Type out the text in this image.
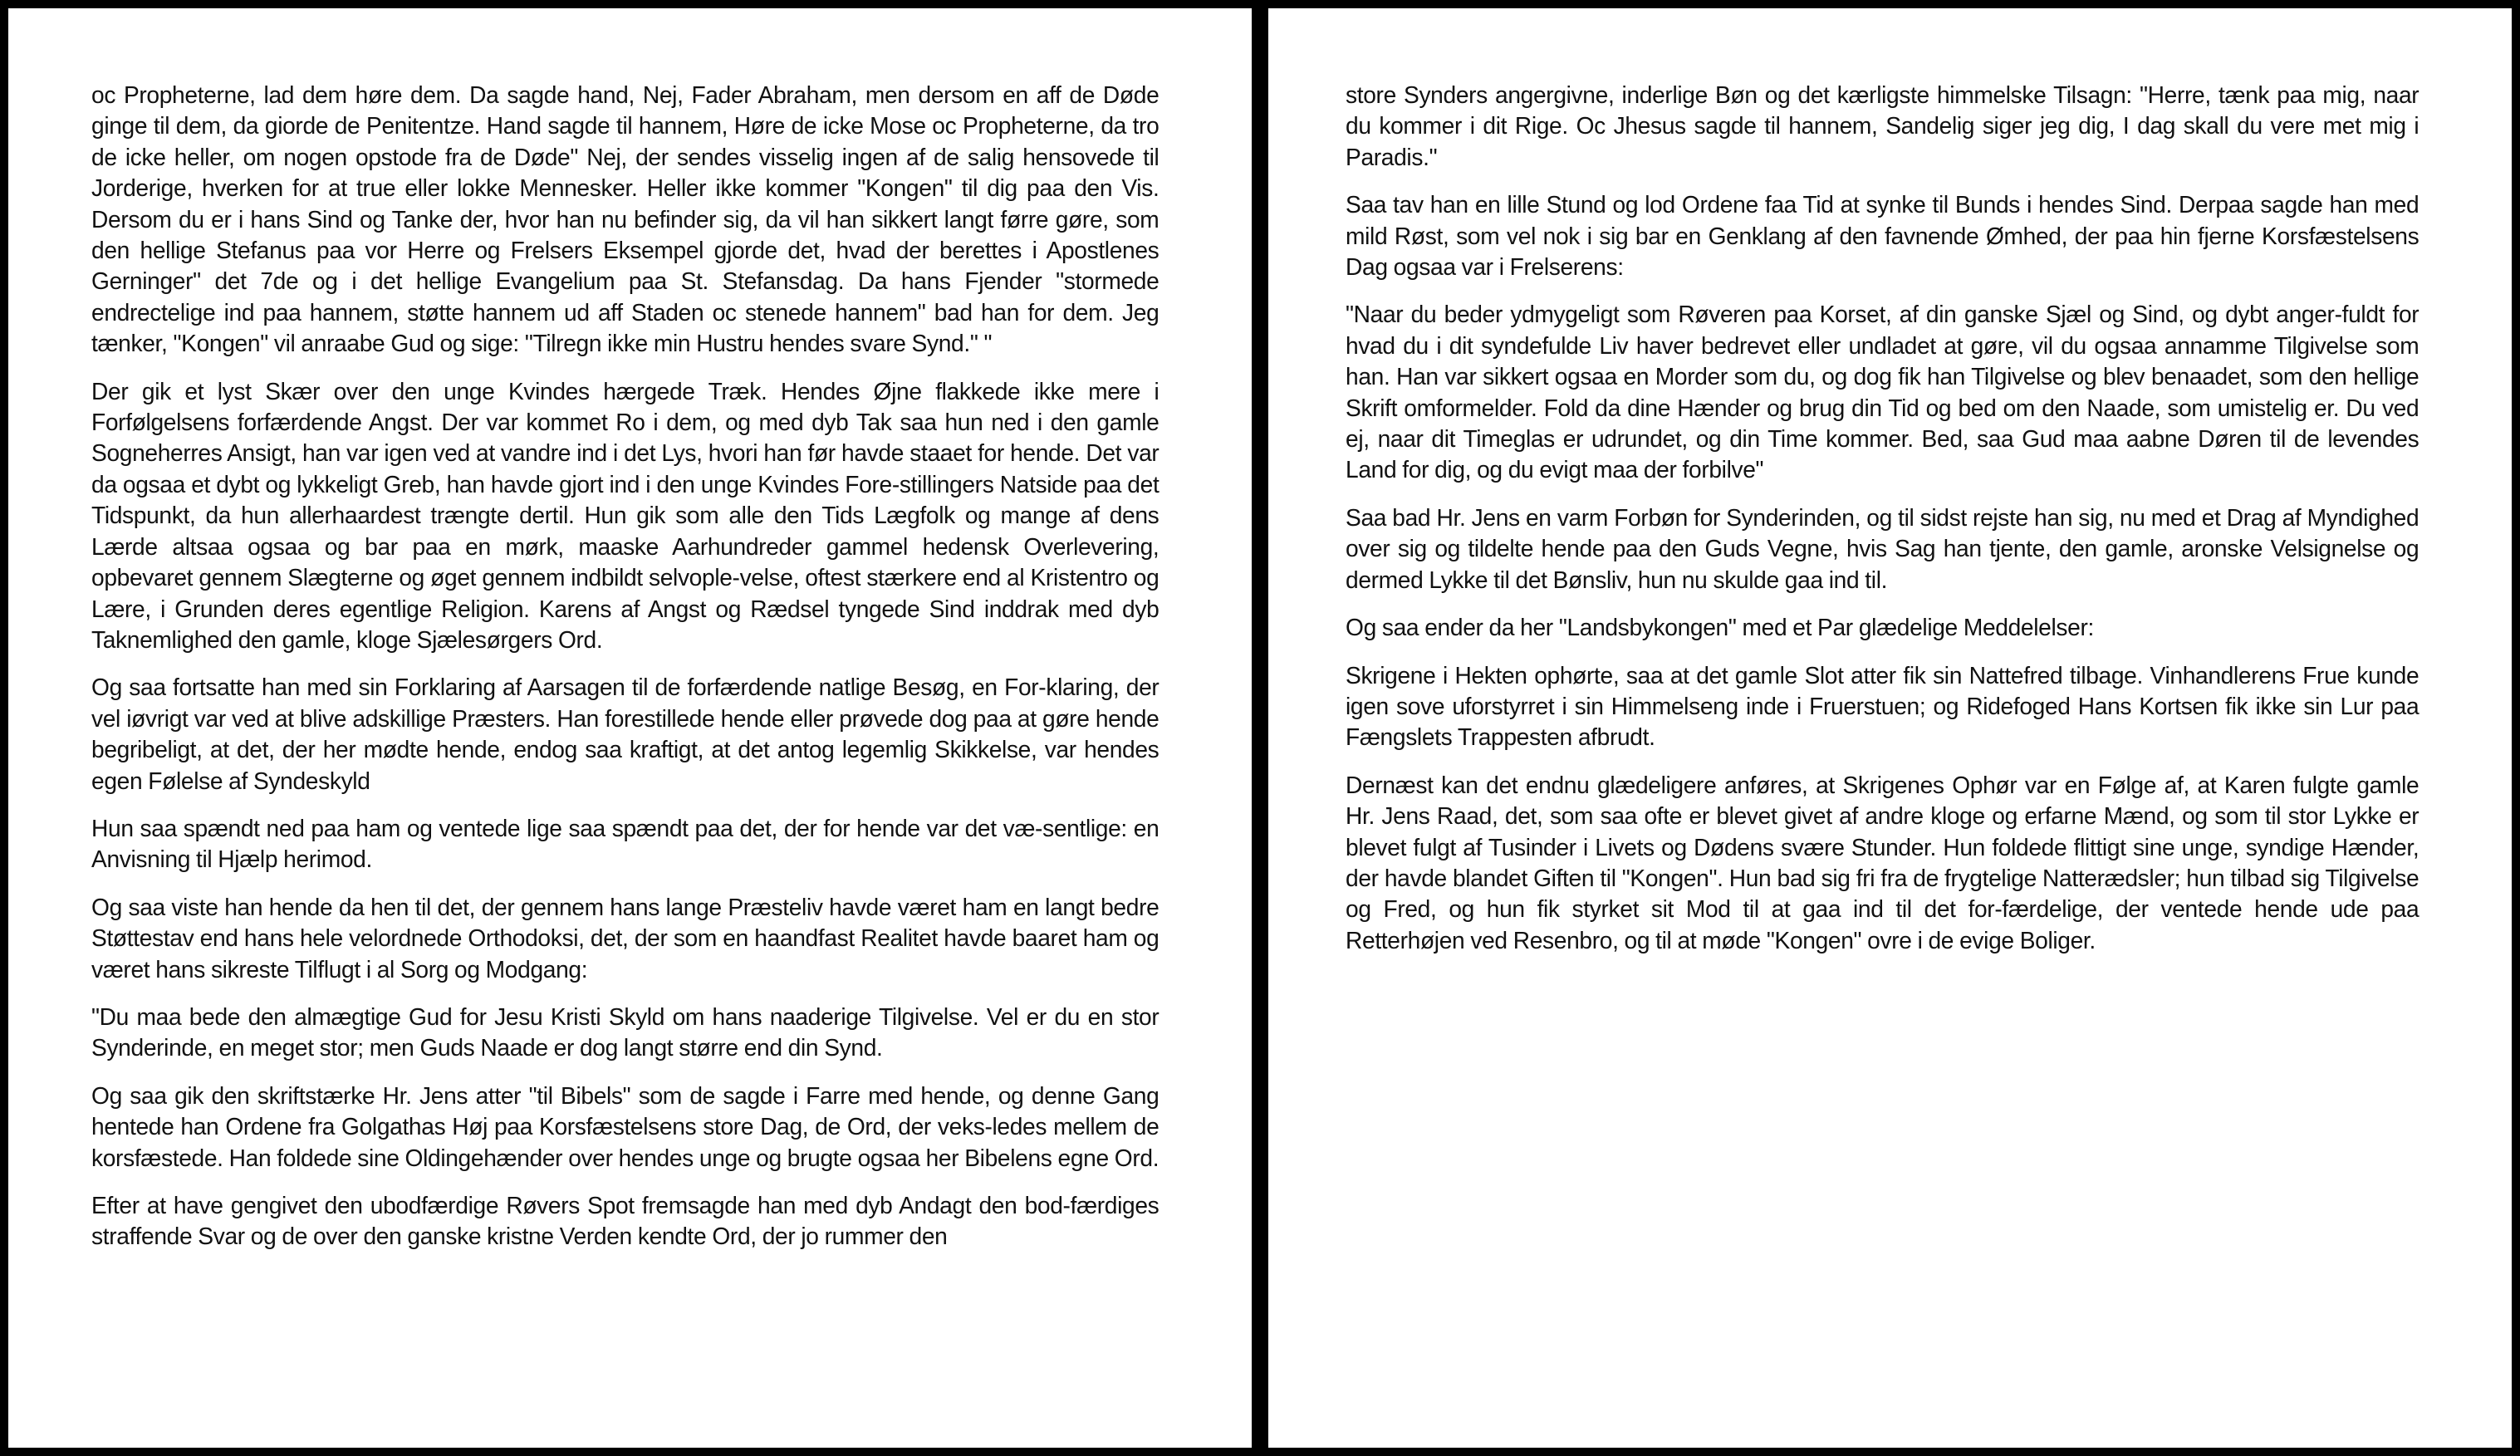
oc Propheterne, lad dem høre dem. Da sagde hand, Nej, Fader Abraham, men dersom en aff de Døde ginge til dem, da giorde de Penitentze. Hand sagde til hannem, Høre de icke Mose oc Propheterne, da tro de icke heller, om nogen opstode fra de Døde" Nej, der sendes visselig ingen af de salig hensovede til Jorderige, hverken for at true eller lokke Mennesker. Heller ikke kommer "Kongen" til dig paa den Vis. Dersom du er i hans Sind og Tanke der, hvor han nu befinder sig, da vil han sikkert langt førre gøre, som den hellige Stefanus paa vor Herre og Frelsers Eksempel gjorde det, hvad der berettes i Apostlenes Gerninger" det 7de og i det hellige Evangelium paa St. Stefansdag. Da hans Fjender "stormede endrectelige ind paa hannem, støtte hannem ud aff Staden oc stenede hannem" bad han for dem. Jeg tænker, "Kongen" vil anraabe Gud og sige: "Tilregn ikke min Hustru hendes svare Synd." "

Der gik et lyst Skær over den unge Kvindes hærgede Træk. Hendes Øjne flakkede ikke mere i Forfølgelsens forfærdende Angst. Der var kommet Ro i dem, og med dyb Tak saa hun ned i den gamle Sogneherres Ansigt, han var igen ved at vandre ind i det Lys, hvori han før havde staaet for hende. Det var da ogsaa et dybt og lykkeligt Greb, han havde gjort ind i den unge Kvindes Fore-stillingers Natside paa det Tidspunkt, da hun allerhaardest trængte dertil. Hun gik som alle den Tids Lægfolk og mange af dens Lærde altsaa ogsaa og bar paa en mørk, maaske Aarhundreder gammel hedensk Overlevering, opbevaret gennem Slægterne og øget gennem indbildt selvople-velse, oftest stærkere end al Kristentro og Lære, i Grunden deres egentlige Religion. Karens af Angst og Rædsel tyngede Sind inddrak med dyb Taknemlighed den gamle, kloge Sjælesørgers Ord.

Og saa fortsatte han med sin Forklaring af Aarsagen til de forfærdende natlige Besøg, en For-klaring, der vel iøvrigt var ved at blive adskillige Præsters. Han forestillede hende eller prøvede dog paa at gøre hende begribeligt, at det, der her mødte hende, endog saa kraftigt, at det antog legemlig Skikkelse, var hendes egen Følelse af Syndeskyld

Hun saa spændt ned paa ham og ventede lige saa spændt paa det, der for hende var det væ-sentlige: en Anvisning til Hjælp herimod.

Og saa viste han hende da hen til det, der gennem hans lange Præsteliv havde været ham en langt bedre Støttestav end hans hele velordnede Orthodoksi, det, der som en haandfast Realitet havde baaret ham og været hans sikreste Tilflugt i al Sorg og Modgang:

"Du maa bede den almægtige Gud for Jesu Kristi Skyld om hans naaderige Tilgivelse. Vel er du en stor Synderinde, en meget stor; men Guds Naade er dog langt større end din Synd.

Og saa gik den skriftstærke Hr. Jens atter "til Bibels" som de sagde i Farre med hende, og denne Gang hentede han Ordene fra Golgathas Høj paa Korsfæstelsens store Dag, de Ord, der veks-ledes mellem de korsfæstede. Han foldede sine Oldingehænder over hendes unge og brugte ogsaa her Bibelens egne Ord.

Efter at have gengivet den ubodfærdige Røvers Spot fremsagde han med dyb Andagt den bod-færdiges straffende Svar og de over den ganske kristne Verden kendte Ord, der jo rummer den

store Synders angergivne, inderlige Bøn og det kærligste himmelske Tilsagn: "Herre, tænk paa mig, naar du kommer i dit Rige. Oc Jhesus sagde til hannem, Sandelig siger jeg dig, I dag skall du vere met mig i Paradis."

Saa tav han en lille Stund og lod Ordene faa Tid at synke til Bunds i hendes Sind. Derpaa sagde han med mild Røst, som vel nok i sig bar en Genklang af den favnende Ømhed, der paa hin fjerne Korsfæstelsens Dag ogsaa var i Frelserens:

"Naar du beder ydmygeligt som Røveren paa Korset, af din ganske Sjæl og Sind, og dybt anger-fuldt for hvad du i dit syndefulde Liv haver bedrevet eller undladet at gøre, vil du ogsaa annamme Tilgivelse som han. Han var sikkert ogsaa en Morder som du, og dog fik han Tilgivelse og blev benaadet, som den hellige Skrift omformelder. Fold da dine Hænder og brug din Tid og bed om den Naade, som umistelig er. Du ved ej, naar dit Timeglas er udrundet, og din Time kommer. Bed, saa Gud maa aabne Døren til de levendes Land for dig, og du evigt maa der forbilve"

Saa bad Hr. Jens en varm Forbøn for Synderinden, og til sidst rejste han sig, nu med et Drag af Myndighed over sig og tildelte hende paa den Guds Vegne, hvis Sag han tjente, den gamle, aronske Velsignelse og dermed Lykke til det Bønsliv, hun nu skulde gaa ind til.

Og saa ender da her "Landsbykongen" med et Par glædelige Meddelelser:

Skrigene i Hekten ophørte, saa at det gamle Slot atter fik sin Nattefred tilbage. Vinhandlerens Frue kunde igen sove uforstyrret i sin Himmelseng inde i Fruerstuen; og Ridefoged Hans Kortsen fik ikke sin Lur paa Fængslets Trappesten afbrudt.

Dernæst kan det endnu glædeligere anføres, at Skrigenes Ophør var en Følge af, at Karen fulgte gamle Hr. Jens Raad, det, som saa ofte er blevet givet af andre kloge og erfarne Mænd, og som til stor Lykke er blevet fulgt af Tusinder i Livets og Dødens svære Stunder. Hun foldede flittigt sine unge, syndige Hænder, der havde blandet Giften til "Kongen". Hun bad sig fri fra de frygtelige Natterædsler; hun tilbad sig Tilgivelse og Fred, og hun fik styrket sit Mod til at gaa ind til det for-færdelige, der ventede hende ude paa Retterhøjen ved Resenbro, og til at møde "Kongen" ovre i de evige Boliger.
